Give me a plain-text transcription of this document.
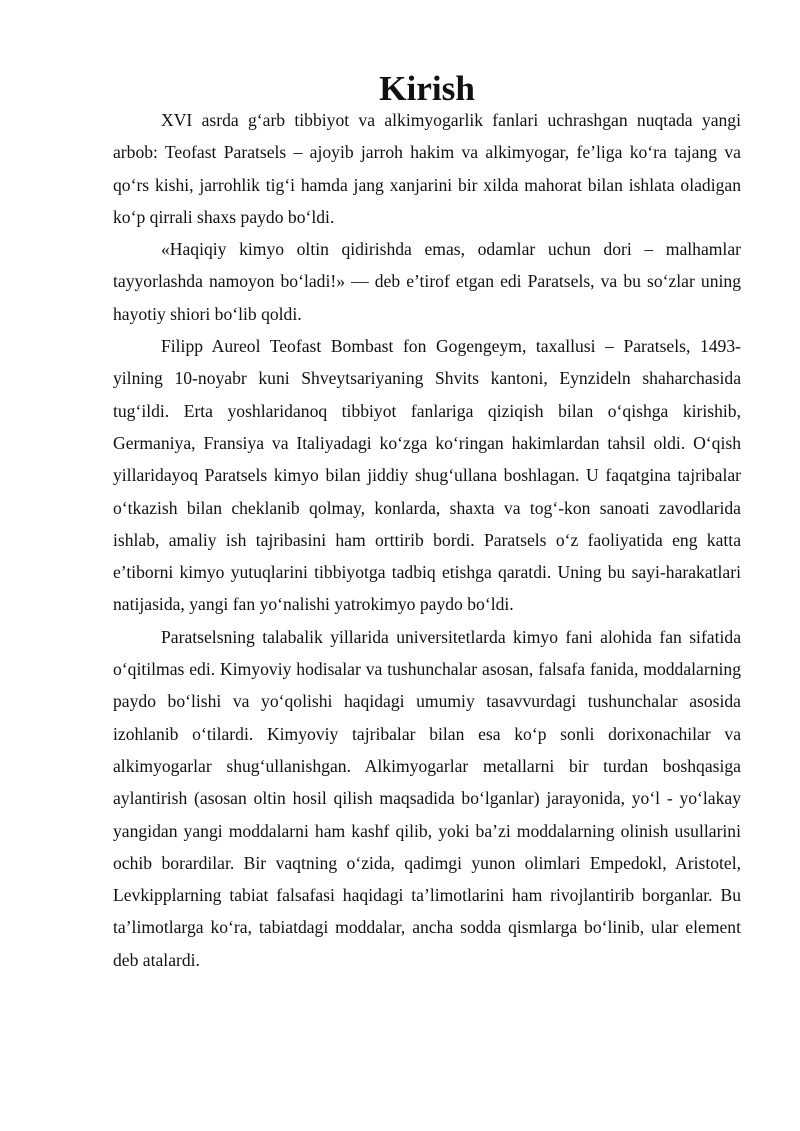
Kirish

XVI asrda g‘arb tibbiyot va alkimyogarlik fanlari uchrashgan nuqtada yangi arbob: Teofast Paratsels – ajoyib jarroh hakim va alkimyogar, fe’liga ko‘ra tajang va qo‘rs kishi, jarrohlik tig‘i hamda jang xanjarini bir xilda mahorat bilan ishlata oladigan ko‘p qirrali shaxs paydo bo‘ldi.

«Haqiqiy kimyo oltin qidirishda emas, odamlar uchun dori – malhamlar tayyorlashda namoyon bo‘ladi!» — deb e’tirof etgan edi Paratsels, va bu so‘zlar uning hayotiy shiori bo‘lib qoldi.

Filipp Aureol Teofast Bombast fon Gogengeym, taxallusi – Paratsels, 1493-yilning 10-noyabr kuni Shveytsariyaning Shvits kantoni, Eynzideln shaharchasida tug‘ildi. Erta yoshlaridanoq tibbiyot fanlariga qiziqish bilan o‘qishga kirishib, Germaniya, Fransiya va Italiyadagi ko‘zga ko‘ringan hakimlardan tahsil oldi. O‘qish yillaridayoq Paratsels kimyo bilan jiddiy shug‘ullana boshlagan. U faqatgina tajribalar o‘tkazish bilan cheklanib qolmay, konlarda, shaxta va tog‘-kon sanoati zavodlarida ishlab, amaliy ish tajribasini ham orttirib bordi. Paratsels o‘z faoliyatida eng katta e’tiborni kimyo yutuqlarini tibbiyotga tadbiq etishga qaratdi. Uning bu sayi-harakatlari natijasida, yangi fan yo‘nalishi yatrokimyo paydo bo‘ldi.

Paratselsning talabalik yillarida universitetlarda kimyo fani alohida fan sifatida o‘qitilmas edi. Kimyoviy hodisalar va tushunchalar asosan, falsafa fanida, moddalarning paydo bo‘lishi va yo‘qolishi haqidagi umumiy tasavvurdagi tushunchalar asosida izohlanib o‘tilardi. Kimyoviy tajribalar bilan esa ko‘p sonli dorixonachilar va alkimyogarlar shug‘ullanishgan. Alkimyogarlar metallarni bir turdan boshqasiga aylantirish (asosan oltin hosil qilish maqsadida bo‘lganlar) jarayonida, yo‘l - yo‘lakay yangidan yangi moddalarni ham kashf qilib, yoki ba’zi moddalarning olinish usullarini ochib borardilar. Bir vaqtning o‘zida, qadimgi yunon olimlari Empedokl, Aristotel, Levkipplarning tabiat falsafasi haqidagi ta’limotlarini ham rivojlantirib borganlar. Bu ta’limotlarga ko‘ra, tabiatdagi moddalar, ancha sodda qismlarga bo‘linib, ular element deb atalardi.
